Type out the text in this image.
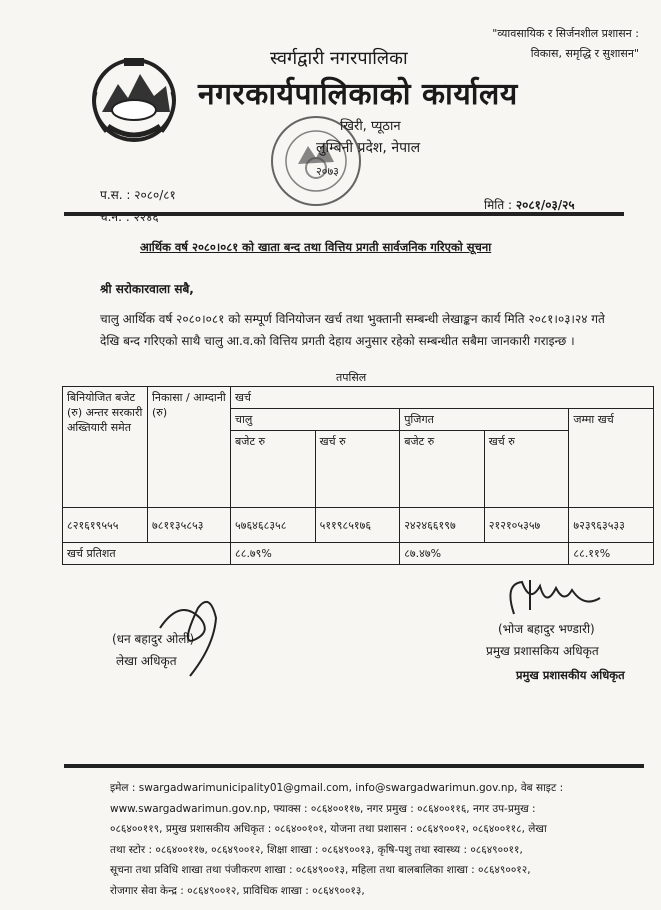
"व्यावसायिक र सिर्जनशील प्रशासन :
विकास, समृद्धि र सुशासन"
स्वर्गद्वारी नगरपालिका
नगरकार्यपालिकाको कार्यालय
खिरी, प्यूठान
लुम्बिनी प्रदेश, नेपाल
२०७३
प.स. : २०८०/८१
च.न. : २२४६
मिति : २०८१/०३/२५
आर्थिक वर्ष २०८०।०८१ को खाता बन्द तथा वित्तिय प्रगती सार्वजनिक गरिएको सूचना
श्री सरोकारवाला सबै,
चालु आर्थिक वर्ष २०८०।०८१ को सम्पूर्ण विनियोजन खर्च तथा भुक्तानी सम्बन्धी लेखाङ्कन कार्य मिति २०८१।०३।२४ गते देखि बन्द गरिएको साथै चालु आ.व.को वित्तिय प्रगती देहाय अनुसार रहेको सम्बन्धीत सबैमा जानकारी गराइन्छ ।
तपसिल
बिनियोजित बजेट (रु) अन्तर सरकारी अख्तियारी समेत	निकासा / आम्दानी (रु)	खर्च				
		चालु		पुजिगत		जम्मा खर्च
		बजेट रु	खर्च रु	बजेट रु	खर्च रु	
८२१६१९५५५	७८११३५८५३	५७६४६८३५८	५११९८५१७६	२४२४६६१९७	२१२१०५३५७	७२३९६३५३३
खर्च प्रतिशत		८८.७९%		८७.४७%		८८.११%
(धन बहादुर ओली)
लेखा अधिकृत
(भोज बहादुर भण्डारी)
प्रमुख प्रशासकिय अधिकृत
प्रमुख प्रशासकीय अधिकृत
इमेल : swargadwarimunicipality01@gmail.com, info@swargadwarimun.gov.np, वेब साइट :
www.swargadwarimun.gov.np, फ्याक्स : ०८६४००११७, नगर प्रमुख : ०८६४००११६, नगर उप-प्रमुख :
०८६४००११९, प्रमुख प्रशासकीय अधिकृत : ०८६४००१०१, योजना तथा प्रशासन : ०८६४९००१२, ०८६४००११८, लेखा
तथा स्टोर : ०८६४००११७, ०८६४९००१२, शिक्षा शाखा : ०८६४९००१३, कृषि-पशु तथा स्वास्थ्य : ०८६४९००११,
सूचना तथा प्रविधि शाखा तथा पंजीकरण शाखा : ०८६४९००१३, महिला तथा बालबालिका शाखा : ०८६४९००१२,
रोजगार सेवा केन्द्र : ०८६४९००१२, प्राविधिक शाखा : ०८६४९००१३,
